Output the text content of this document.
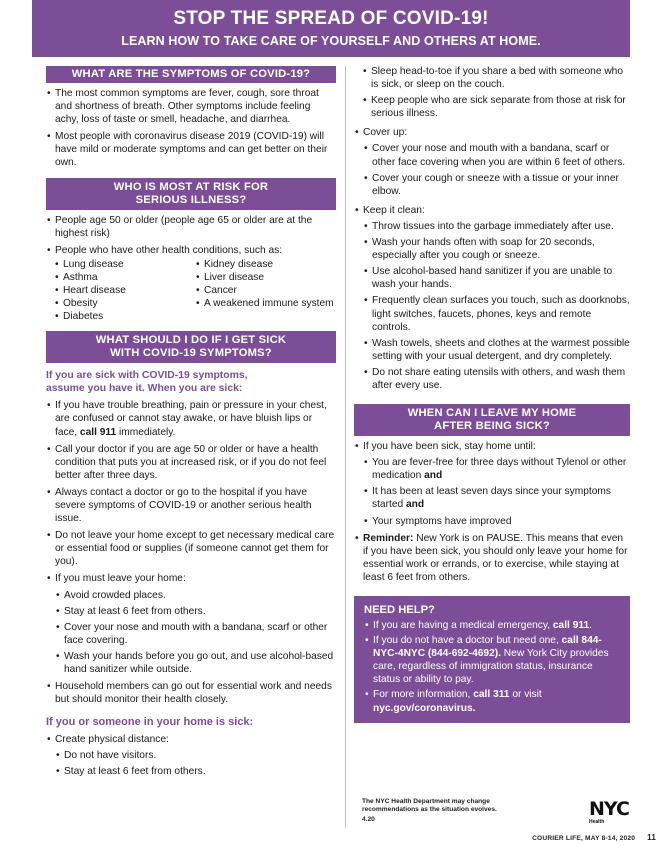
STOP THE SPREAD OF COVID-19!
LEARN HOW TO TAKE CARE OF YOURSELF AND OTHERS AT HOME.
WHAT ARE THE SYMPTOMS OF COVID-19?
• The most common symptoms are fever, cough, sore throat and shortness of breath. Other symptoms include feeling achy, loss of taste or smell, headache, and diarrhea.
• Most people with coronavirus disease 2019 (COVID-19) will have mild or moderate symptoms and can get better on their own.
WHO IS MOST AT RISK FOR
SERIOUS ILLNESS?
• People age 50 or older (people age 65 or older are at the highest risk)
• People who have other health conditions, such as:
• Lung disease
• Asthma
• Heart disease
• Obesity
• Diabetes
• Kidney disease
• Liver disease
• Cancer
• A weakened immune system
WHAT SHOULD I DO IF I GET SICK
WITH COVID-19 SYMPTOMS?
If you are sick with COVID-19 symptoms,
assume you have it. When you are sick:
• If you have trouble breathing, pain or pressure in your chest, are confused or cannot stay awake, or have bluish lips or face, call 911 immediately.
• Call your doctor if you are age 50 or older or have a health condition that puts you at increased risk, or if you do not feel better after three days.
• Always contact a doctor or go to the hospital if you have severe symptoms of COVID-19 or another serious health issue.
• Do not leave your home except to get necessary medical care or essential food or supplies (if someone cannot get them for you).
• If you must leave your home:
• Avoid crowded places.
• Stay at least 6 feet from others.
• Cover your nose and mouth with a bandana, scarf or other face covering.
• Wash your hands before you go out, and use alcohol-based hand sanitizer while outside.
• Household members can go out for essential work and needs but should monitor their health closely.
If you or someone in your home is sick:
• Create physical distance:
• Do not have visitors.
• Stay at least 6 feet from others.
• Sleep head-to-toe if you share a bed with someone who is sick, or sleep on the couch.
• Keep people who are sick separate from those at risk for serious illness.
• Cover up:
• Cover your nose and mouth with a bandana, scarf or other face covering when you are within 6 feet of others.
• Cover your cough or sneeze with a tissue or your inner elbow.
• Keep it clean:
• Throw tissues into the garbage immediately after use.
• Wash your hands often with soap for 20 seconds, especially after you cough or sneeze.
• Use alcohol-based hand sanitizer if you are unable to wash your hands.
• Frequently clean surfaces you touch, such as doorknobs, light switches, faucets, phones, keys and remote controls.
• Wash towels, sheets and clothes at the warmest possible setting with your usual detergent, and dry completely.
• Do not share eating utensils with others, and wash them after every use.
WHEN CAN I LEAVE MY HOME
AFTER BEING SICK?
• If you have been sick, stay home until:
• You are fever-free for three days without Tylenol or other medication and
• It has been at least seven days since your symptoms started and
• Your symptoms have improved
• Reminder: New York is on PAUSE. This means that even if you have been sick, you should only leave your home for essential work or errands, or to exercise, while staying at least 6 feet from others.
NEED HELP?
• If you are having a medical emergency, call 911.
• If you do not have a doctor but need one, call 844-NYC-4NYC (844-692-4692). New York City provides care, regardless of immigration status, insurance status or ability to pay.
• For more information, call 311 or visit nyc.gov/coronavirus.
The NYC Health Department may change recommendations as the situation evolves.
4.20	NYC
Health
COURIER LIFE, MAY 8-14, 2020 11
